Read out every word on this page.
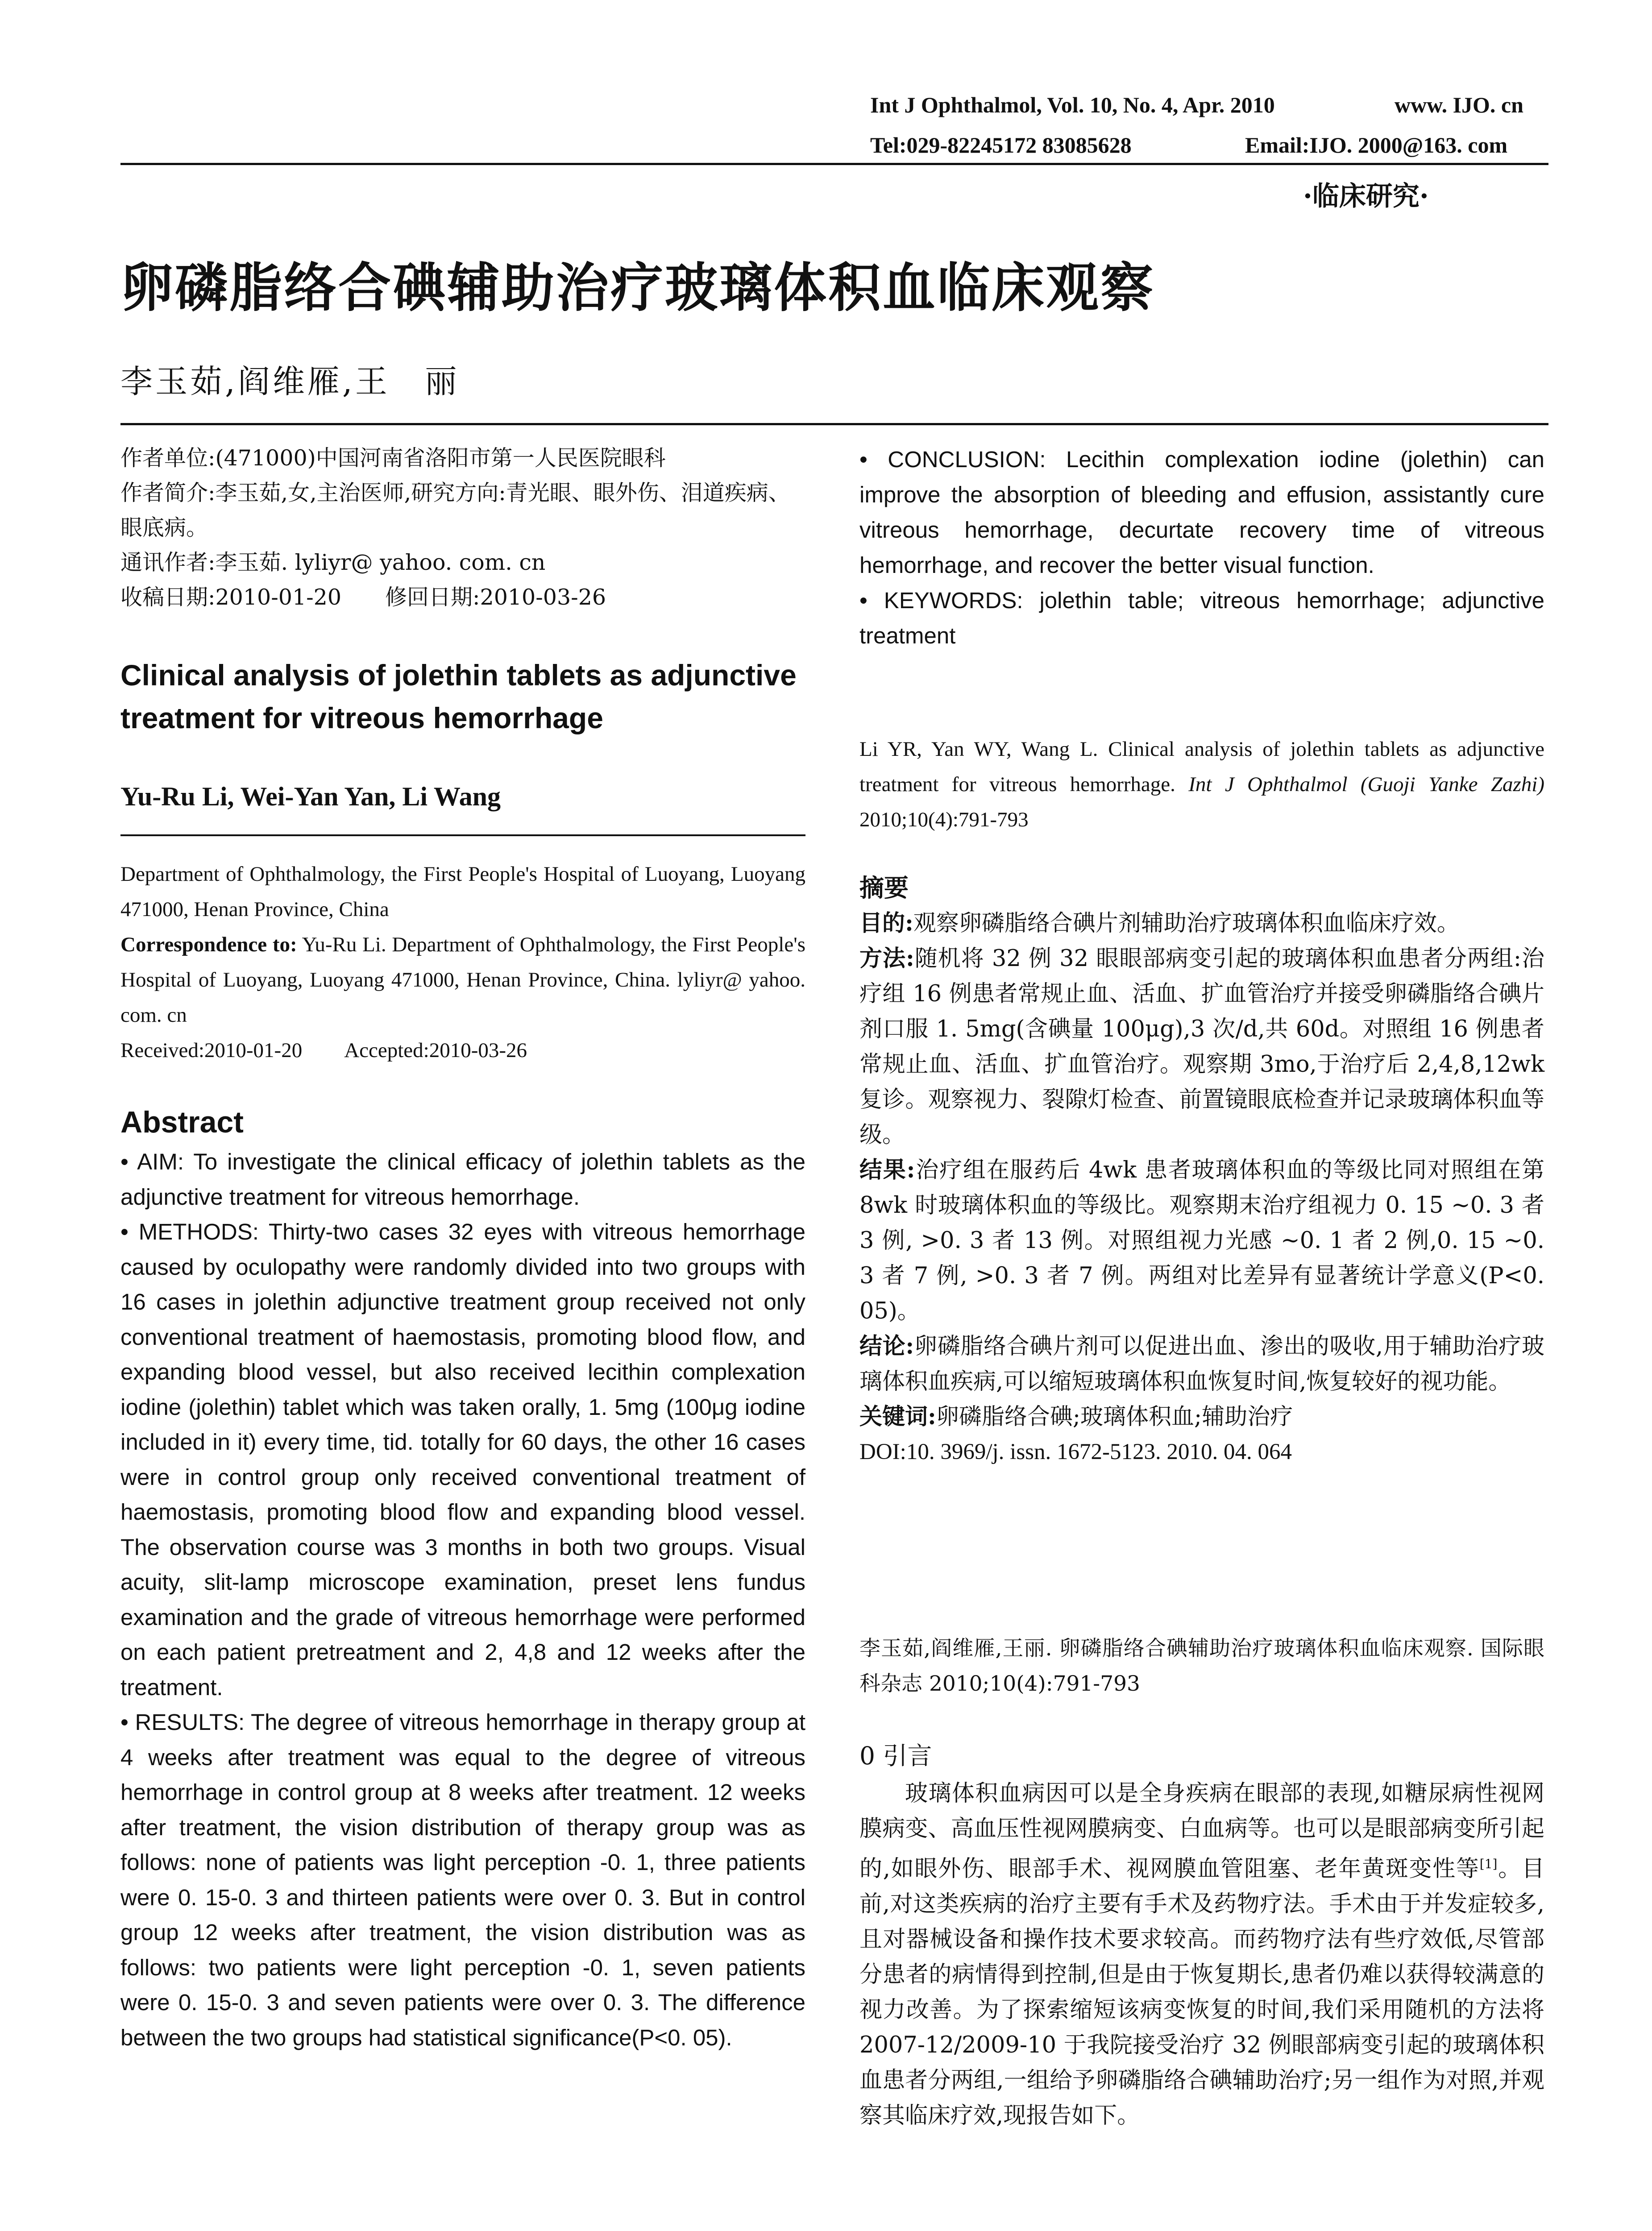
Int J Ophthalmol, Vol. 10, No. 4, Apr. 2010	www. IJO. cn
Tel:029-82245172 83085628	Email:IJO. 2000@163. com
·临床研究·
卵磷脂络合碘辅助治疗玻璃体积血临床观察
李玉茹,阎维雁,王　丽

作者单位:(471000)中国河南省洛阳市第一人民医院眼科

作者简介:李玉茹,女,主治医师,研究方向:青光眼、眼外伤、泪道疾病、眼底病。

通讯作者:李玉茹. lyliyr@ yahoo. com. cn

收稿日期:2010-01-20　　修回日期:2010-03-26

Clinical analysis of jolethin tablets as adjunctive treatment for vitreous hemorrhage
Yu-Ru Li, Wei-Yan Yan, Li Wang

Department of Ophthalmology, the First People's Hospital of Luoyang, Luoyang 471000, Henan Province, China

Correspondence to: Yu-Ru Li. Department of Ophthalmology, the First People's Hospital of Luoyang, Luoyang 471000, Henan Province, China. lyliyr@ yahoo. com. cn

Received:2010-01-20　　Accepted:2010-03-26

Abstract

• AIM: To investigate the clinical efficacy of jolethin tablets as the adjunctive treatment for vitreous hemorrhage.

• METHODS: Thirty-two cases 32 eyes with vitreous hemorrhage caused by oculopathy were randomly divided into two groups with 16 cases in jolethin adjunctive treatment group received not only conventional treatment of haemostasis, promoting blood flow, and expanding blood vessel, but also received lecithin complexation iodine (jolethin) tablet which was taken orally, 1. 5mg (100μg iodine included in it) every time, tid. totally for 60 days, the other 16 cases were in control group only received conventional treatment of haemostasis, promoting blood flow and expanding blood vessel. The observation course was 3 months in both two groups. Visual acuity, slit-lamp microscope examination, preset lens fundus examination and the grade of vitreous hemorrhage were performed on each patient pretreatment and 2, 4,8 and 12 weeks after the treatment.

• RESULTS: The degree of vitreous hemorrhage in therapy group at 4 weeks after treatment was equal to the degree of vitreous hemorrhage in control group at 8 weeks after treatment. 12 weeks after treatment, the vision distribution of therapy group was as follows: none of patients was light perception -0. 1, three patients were 0. 15-0. 3 and thirteen patients were over 0. 3. But in control group 12 weeks after treatment, the vision distribution was as follows: two patients were light perception -0. 1, seven patients were 0. 15-0. 3 and seven patients were over 0. 3. The difference between the two groups had statistical significance(P<0. 05).

• CONCLUSION: Lecithin complexation iodine (jolethin) can improve the absorption of bleeding and effusion, assistantly cure vitreous hemorrhage, decurtate recovery time of vitreous hemorrhage, and recover the better visual function.

• KEYWORDS: jolethin table; vitreous hemorrhage; adjunctive treatment

Li YR, Yan WY, Wang L. Clinical analysis of jolethin tablets as adjunctive treatment for vitreous hemorrhage. Int J Ophthalmol (Guoji Yanke Zazhi) 2010;10(4):791-793
摘要

目的:观察卵磷脂络合碘片剂辅助治疗玻璃体积血临床疗效。

方法:随机将 32 例 32 眼眼部病变引起的玻璃体积血患者分两组:治疗组 16 例患者常规止血、活血、扩血管治疗并接受卵磷脂络合碘片剂口服 1. 5mg(含碘量 100μg),3 次/d,共 60d。对照组 16 例患者常规止血、活血、扩血管治疗。观察期 3mo,于治疗后 2,4,8,12wk 复诊。观察视力、裂隙灯检查、前置镜眼底检查并记录玻璃体积血等级。

结果:治疗组在服药后 4wk 患者玻璃体积血的等级比同对照组在第 8wk 时玻璃体积血的等级比。观察期末治疗组视力 0. 15 ~0. 3 者 3 例, >0. 3 者 13 例。对照组视力光感 ~0. 1 者 2 例,0. 15 ~0. 3 者 7 例, >0. 3 者 7 例。两组对比差异有显著统计学意义(P<0. 05)。

结论:卵磷脂络合碘片剂可以促进出血、渗出的吸收,用于辅助治疗玻璃体积血疾病,可以缩短玻璃体积血恢复时间,恢复较好的视功能。

关键词:卵磷脂络合碘;玻璃体积血;辅助治疗

DOI:10. 3969/j. issn. 1672-5123. 2010. 04. 064

李玉茹,阎维雁,王丽. 卵磷脂络合碘辅助治疗玻璃体积血临床观察. 国际眼科杂志 2010;10(4):791-793
0 引言
玻璃体积血病因可以是全身疾病在眼部的表现,如糖尿病性视网膜病变、高血压性视网膜病变、白血病等。也可以是眼部病变所引起的,如眼外伤、眼部手术、视网膜血管阻塞、老年黄斑变性等[1]。目前,对这类疾病的治疗主要有手术及药物疗法。手术由于并发症较多,且对器械设备和操作技术要求较高。而药物疗法有些疗效低,尽管部分患者的病情得到控制,但是由于恢复期长,患者仍难以获得较满意的视力改善。为了探索缩短该病变恢复的时间,我们采用随机的方法将 2007-12/2009-10 于我院接受治疗 32 例眼部病变引起的玻璃体积血患者分两组,一组给予卵磷脂络合碘辅助治疗;另一组作为对照,并观察其临床疗效,现报告如下。
